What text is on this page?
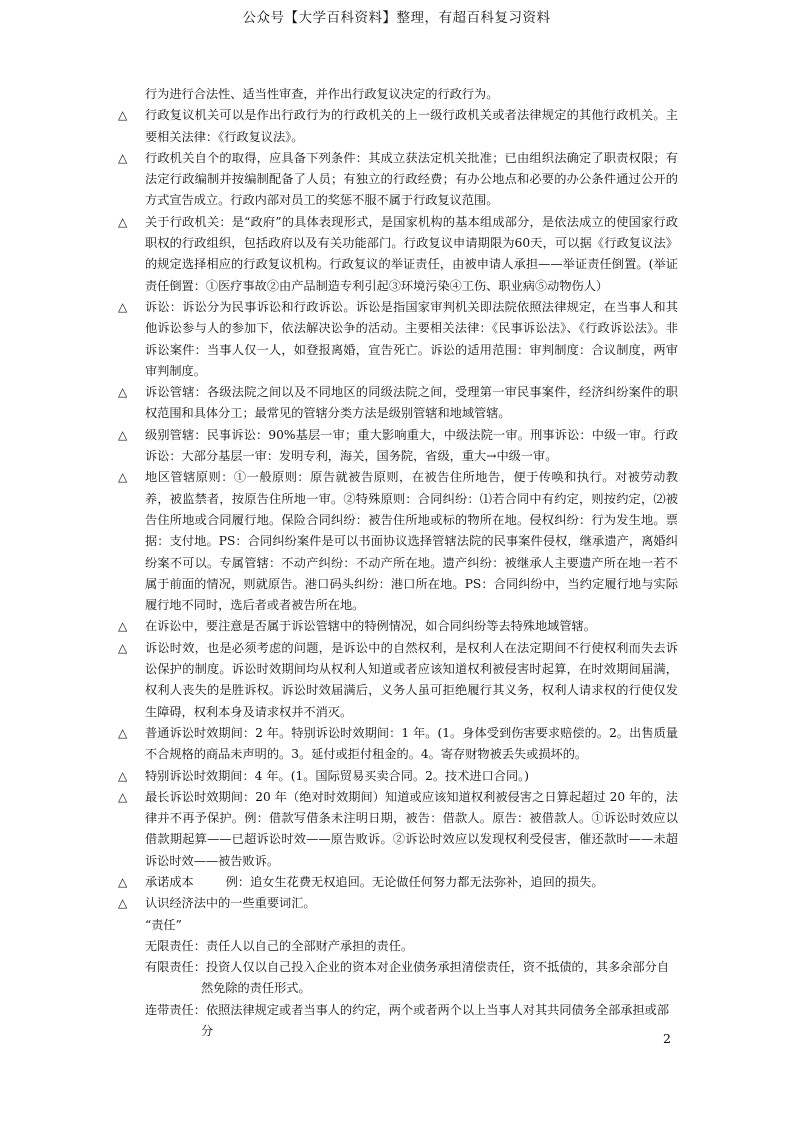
公众号【大学百科资料】整理，有超百科复习资料
行为进行合法性、适当性审查，并作出行政复议决定的行政行为。
△ 行政复议机关可以是作出行政行为的行政机关的上一级行政机关或者法律规定的其他行政机关。主要相关法律：《行政复议法》。
△ 行政机关自个的取得，应具备下列条件：其成立获法定机关批准；已由组织法确定了职责权限；有法定行政编制并按编制配备了人员；有独立的行政经费；有办公地点和必要的办公条件通过公开的方式宣告成立。行政内部对员工的奖惩不服不属于行政复议范围。
△ 关于行政机关：是“政府”的具体表现形式，是国家机构的基本组成部分，是依法成立的使国家行政职权的行政组织，包括政府以及有关功能部门。行政复议申请期限为60天，可以据《行政复议法》的规定选择相应的行政复议机构。行政复议的举证责任，由被申请人承担——举证责任倒置。(举证责任倒置：①医疗事故②由产品制造专利引起③环境污染④工伤、职业病⑤动物伤人）
△ 诉讼：诉讼分为民事诉讼和行政诉讼。诉讼是指国家审判机关即法院依照法律规定，在当事人和其他诉讼参与人的参加下，依法解决讼争的活动。主要相关法律：《民事诉讼法》、《行政诉讼法》。非诉讼案件：当事人仅一人，如登报离婚，宣告死亡。诉讼的适用范围：审判制度：合议制度，两审审判制度。
△ 诉讼管辖：各级法院之间以及不同地区的同级法院之间，受理第一审民事案件，经济纠纷案件的职权范围和具体分工；最常见的管辖分类方法是级别管辖和地域管辖。
△ 级别管辖：民事诉讼：90%基层一审；重大影响重大，中级法院一审。刑事诉讼：中级一审。行政诉讼：大部分基层一审：发明专利，海关，国务院，省级，重大→中级一审。
△ 地区管辖原则：①一般原则：原告就被告原则，在被告住所地告，便于传唤和执行。对被劳动教养，被监禁者，按原告住所地一审。②特殊原则：合同纠纷：⑴若合同中有约定，则按约定，⑵被告住所地或合同履行地。保险合同纠纷：被告住所地或标的物所在地。侵权纠纷：行为发生地。票据：支付地。PS：合同纠纷案件是可以书面协议选择管辖法院的民事案件侵权，继承遗产，离婚纠纷案不可以。专属管辖：不动产纠纷：不动产所在地。遗产纠纷：被继承人主要遗产所在地一若不属于前面的情况，则就原告。港口码头纠纷：港口所在地。PS：合同纠纷中，当约定履行地与实际履行地不同时，选后者或者被告所在地。
△ 在诉讼中，要注意是否属于诉讼管辖中的特例情况，如合同纠纷等去特殊地域管辖。
△ 诉讼时效，也是必须考虑的问题，是诉讼中的自然权利，是权利人在法定期间不行使权利而失去诉讼保护的制度。诉讼时效期间均从权利人知道或者应该知道权利被侵害时起算，在时效期间届满，权利人丧失的是胜诉权。诉讼时效届满后，义务人虽可拒绝履行其义务，权利人请求权的行使仅发生障碍，权利本身及请求权并不消灭。
△ 普通诉讼时效期间：2 年。特别诉讼时效期间：1 年。(1。身体受到伤害要求赔偿的。2。出售质量不合规格的商品未声明的。3。延付或拒付租金的。4。寄存财物被丢失或损坏的。
△ 特别诉讼时效期间：4 年。(1。国际贸易买卖合同。2。技术进口合同。)
△ 最长诉讼时效期间：20 年（绝对时效期间）知道或应该知道权利被侵害之日算起超过 20 年的，法律并不再予保护。例：借款写借条未注明日期，被告：借款人。原告：被借款人。①诉讼时效应以借款期起算——已超诉讼时效——原告败诉。②诉讼时效应以发现权利受侵害，催还款时——未超诉讼时效——被告败诉。
△ 承诺成本	例：追女生花费无权追回。无论做任何努力都无法弥补，追回的损失。
△ 认识经济法中的一些重要词汇。
“责任”
无限责任：责任人以自己的全部财产承担的责任。
有限责任：投资人仅以自己投入企业的资本对企业债务承担清偿责任，资不抵债的，其多余部分自然免除的责任形式。
连带责任：依照法律规定或者当事人的约定，两个或者两个以上当事人对其共同债务全部承担或部分	2
